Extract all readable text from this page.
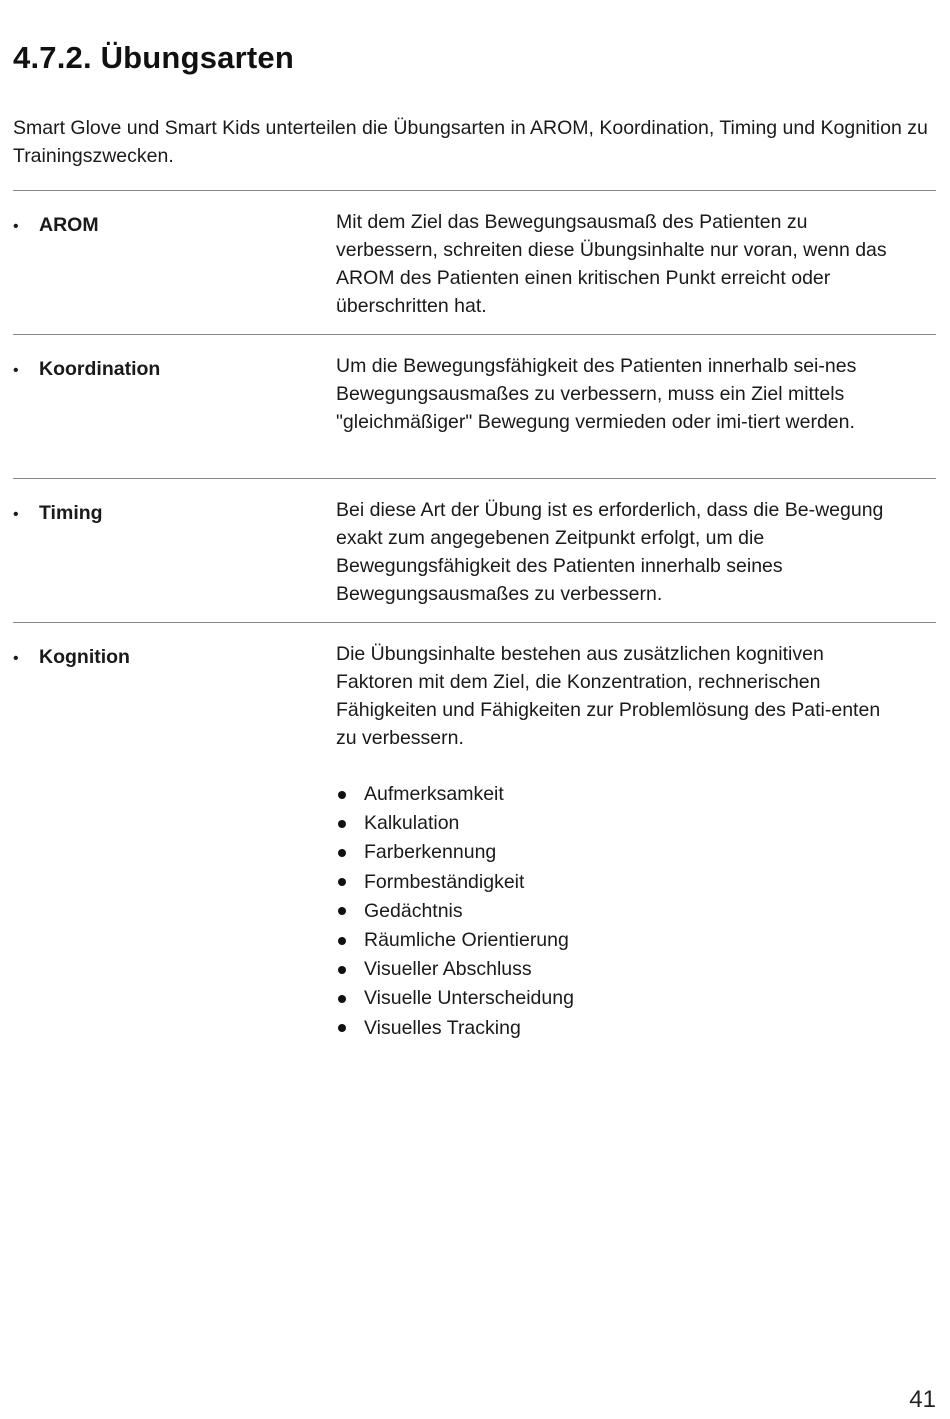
4.7.2. Übungsarten

Smart Glove und Smart Kids unterteilen die Übungsarten in AROM, Koordination, Timing und Kognition zu Trainingszwecken.

•	AROM	Mit dem Ziel das Bewegungsausmaß des Patienten zu verbessern, schreiten diese Übungsinhalte nur voran, wenn das AROM des Patienten einen kritischen Punkt erreicht oder überschritten hat.

•	Koordination	Um die Bewegungsfähigkeit des Patienten innerhalb sei-nes Bewegungsausmaßes zu verbessern, muss ein Ziel mittels "gleichmäßiger" Bewegung vermieden oder imi-tiert werden.

•	Timing	Bei diese Art der Übung ist es erforderlich, dass die Be-wegung exakt zum angegebenen Zeitpunkt erfolgt, um die Bewegungsfähigkeit des Patienten innerhalb seines Bewegungsausmaßes zu verbessern.

•	Kognition	Die Übungsinhalte bestehen aus zusätzlichen kognitiven Faktoren mit dem Ziel, die Konzentration, rechnerischen Fähigkeiten und Fähigkeiten zur Problemlösung des Pati-enten zu verbessern.

Aufmerksamkeit
Kalkulation
Farberkennung
Formbeständigkeit
Gedächtnis
Räumliche Orientierung
Visueller Abschluss
Visuelle Unterscheidung
Visuelles Tracking
41
